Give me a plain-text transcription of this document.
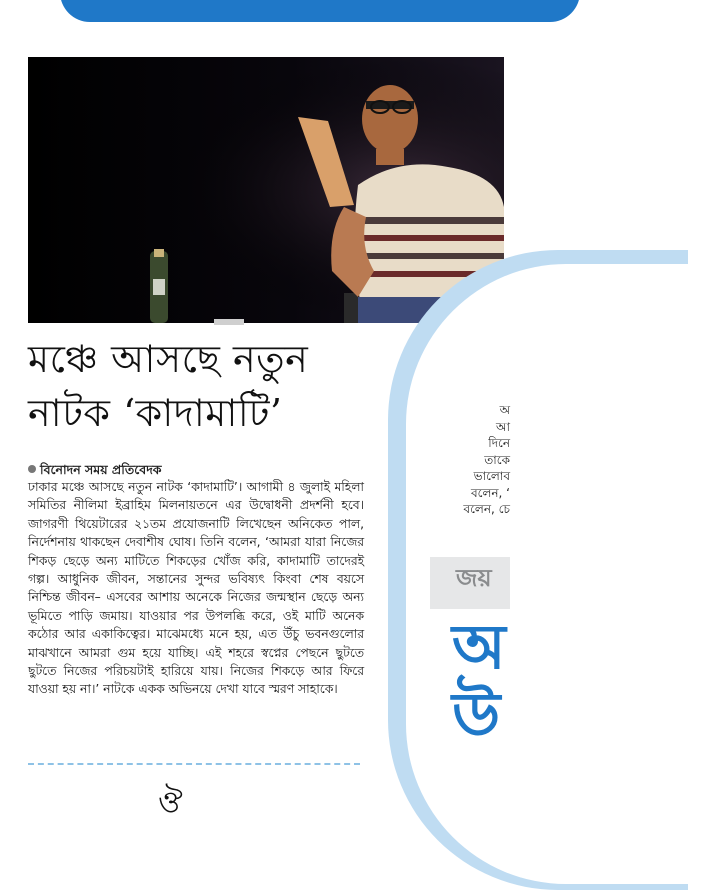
মঞ্চে আসছে নতুন
নাটক ‘কাদামাটি’
বিনোদন সময় প্রতিবেদক

ঢাকার মঞ্চে আসছে নতুন নাটক ‘কাদামাটি’। আগামী ৪ জুলাই মহিলা সমিতির নীলিমা ইব্রাহিম মিলনায়তনে এর উদ্বোধনী প্রদর্শনী হবে। জাগরণী থিয়েটারের ২১তম প্রযোজনাটি লিখেছেন অনিকেত পাল, নির্দেশনায় থাকছেন দেবাশীষ ঘোষ। তিনি বলেন, ‘আমরা যারা নিজের শিকড় ছেড়ে অন্য মাটিতে শিকড়ের খোঁজ করি, কাদামাটি তাদেরই গল্প। আধুনিক জীবন, সন্তানের সুন্দর ভবিষ্যৎ কিংবা শেষ বয়সে নিশ্চিন্ত জীবন– এসবের আশায় অনেকে নিজের জন্মস্থান ছেড়ে অন্য ভূমিতে পাড়ি জমায়। যাওয়ার পর উপলব্ধি করে, ওই মাটি অনেক কঠোর আর একাকিত্বের। মাঝেমধ্যে মনে হয়, এত উঁচু ভবনগুলোর মাঝখানে আমরা গুম হয়ে যাচ্ছি। এই শহরে স্বপ্নের পেছনে ছুটতে ছুটতে নিজের পরিচয়টাই হারিয়ে যায়। নিজের শিকড়ে আর ফিরে যাওয়া হয় না।’ নাটকে একক অভিনয়ে দেখা যাবে স্মরণ সাহাকে।

ঔ
অ
আ
দিনে
তাকে
ভালোব
বলেন, ‘
বলেন, চে
জয়
অ
উ
